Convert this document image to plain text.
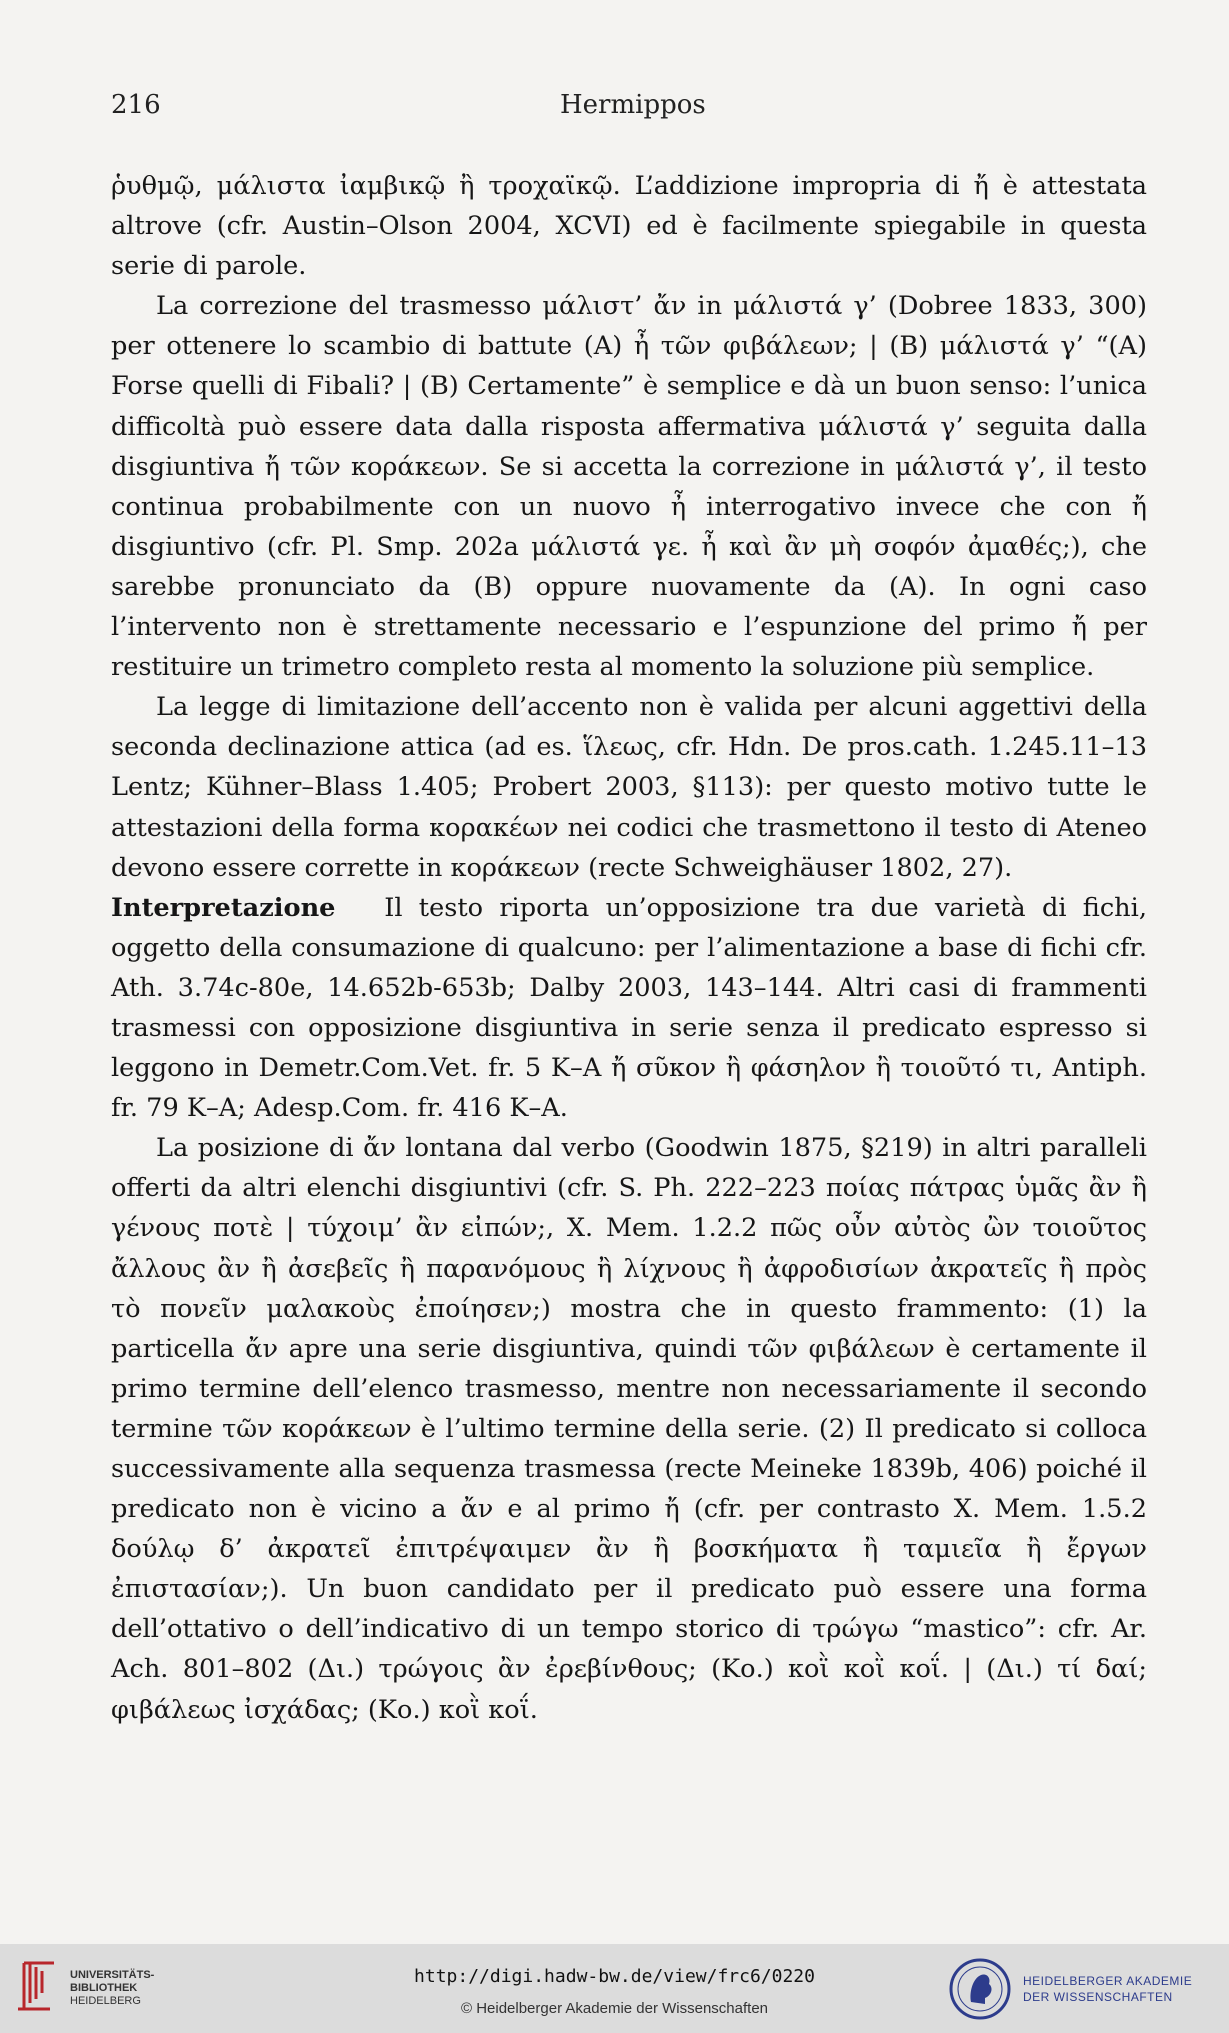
216	Hermippos

ῥυθμῷ, μάλιστα ἰαμβικῷ ἢ τροχαϊκῷ. L’addizione impropria di ἤ è attestata altrove (cfr. Austin–Olson 2004, XCVI) ed è facilmente spiegabile in questa serie di parole.

La correzione del trasmesso μάλιστ’ ἄν in μάλιστά γ’ (Dobree 1833, 300) per ottenere lo scambio di battute (A) ἦ τῶν φιβάλεων; | (B) μάλιστά γ’ “(A) Forse quelli di Fibali? | (B) Certamente” è semplice e dà un buon senso: l’unica difficoltà può essere data dalla risposta affermativa μάλιστά γ’ seguita dalla disgiuntiva ἤ τῶν κοράκεων. Se si accetta la correzione in μάλιστά γ’, il testo continua probabilmente con un nuovo ἦ interrogativo invece che con ἤ disgiuntivo (cfr. Pl. Smp. 202a μάλιστά γε. ἦ καὶ ἂν μὴ σοφόν ἀμαθές;), che sarebbe pronunciato da (B) oppure nuovamente da (A). In ogni caso l’intervento non è strettamente necessario e l’espunzione del primo ἤ per restituire un trimetro completo resta al momento la soluzione più semplice.

La legge di limitazione dell’accento non è valida per alcuni aggettivi della seconda declinazione attica (ad es. ἵλεως, cfr. Hdn. De pros.cath. 1.245.11–13 Lentz; Kühner–Blass 1.405; Probert 2003, §113): per questo motivo tutte le attestazioni della forma κορακέων nei codici che trasmettono il testo di Ateneo devono essere corrette in κοράκεων (recte Schweighäuser 1802, 27).

Interpretazione Il testo riporta un’opposizione tra due varietà di fichi, oggetto della consumazione di qualcuno: per l’alimentazione a base di fichi cfr. Ath. 3.74c-80e, 14.652b-653b; Dalby 2003, 143–144. Altri casi di frammenti trasmessi con opposizione disgiuntiva in serie senza il predicato espresso si leggono in Demetr.Com.Vet. fr. 5 K–A ἤ σῦκον ἢ φάσηλον ἢ τοιοῦτό τι, Antiph. fr. 79 K–A; Adesp.Com. fr. 416 K–A.

La posizione di ἄν lontana dal verbo (Goodwin 1875, §219) in altri paralleli offerti da altri elenchi disgiuntivi (cfr. S. Ph. 222–223 ποίας πάτρας ὑμᾶς ἂν ἢ γένους ποτὲ | τύχοιμ’ ἂν εἰπών;, X. Mem. 1.2.2 πῶς οὖν αὐτὸς ὢν τοιοῦτος ἄλλους ἂν ἢ ἀσεβεῖς ἢ παρανόμους ἢ λίχνους ἢ ἀφροδισίων ἀκρατεῖς ἢ πρὸς τὸ πονεῖν μαλακοὺς ἐποίησεν;) mostra che in questo frammento: (1) la particella ἄν apre una serie disgiuntiva, quindi τῶν φιβάλεων è certamente il primo termine dell’elenco trasmesso, mentre non necessariamente il secondo termine τῶν κοράκεων è l’ultimo termine della serie. (2) Il predicato si colloca successivamente alla sequenza trasmessa (recte Meineke 1839b, 406) poiché il predicato non è vicino a ἄν e al primo ἤ (cfr. per contrasto X. Mem. 1.5.2 δούλῳ δ’ ἀκρατεῖ ἐπιτρέψαιμεν ἂν ἢ βοσκήματα ἢ ταμιεῖα ἢ ἔργων ἐπιστασίαν;). Un buon candidato per il predicato può essere una forma dell’ottativo o dell’indicativo di un tempo storico di τρώγω “mastico”: cfr. Ar. Ach. 801–802 (Δι.) τρώγοις ἂν ἐρεβίνθους; (Κο.) κοῒ κοῒ κοΐ. | (Δι.) τί δαί; φιβάλεως ἰσχάδας; (Κο.) κοῒ κοΐ.

UNIVERSITÄTS-
BIBLIOTHEK
HEIDELBERG
http://digi.hadw-bw.de/view/frc6/0220
© Heidelberger Akademie der Wissenschaften
HEIDELBERGER AKADEMIE
DER WISSENSCHAFTEN
